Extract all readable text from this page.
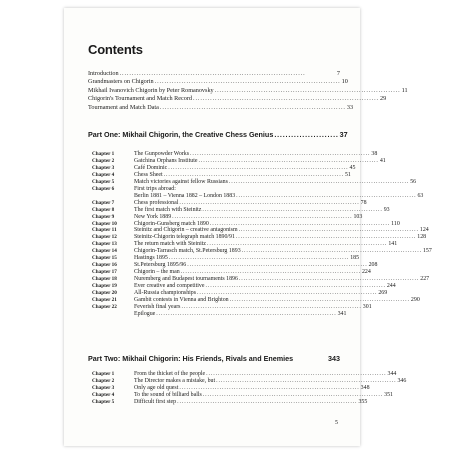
Contents
Introduction ............................................................................	7
Grandmasters on Chigorin ............................................................................ 10
Mikhail Ivanovich Chigorin by Peter Romanovsky ............................................................................ 11
Chigorin's Tournament and Match Record ............................................................................ 29
Tournament and Match Data ............................................................................ 33
Part One: Mikhail Chigorin, the Creative Chess Genius ....................... 37
Chapter 1	The Gunpowder Works ............................................................................ 38
Chapter 2	Gatchina Orphans Institute ............................................................................ 41
Chapter 3	Café Dominic ............................................................................ 45
Chapter 4	Chess Sheet ............................................................................ 51
Chapter 5	Match victories against fellow Russians ............................................................................ 56
Chapter 6	First trips abroad:
Berlin 1881 – Vienna 1882 – London 1883 ............................................................................ 63
Chapter 7	Chess professional ............................................................................ 78
Chapter 8	The first match with Steinitz ............................................................................ 93
Chapter 9	New York 1889 ............................................................................ 103
Chapter 10	Chigorin-Gunsberg match 1890 ............................................................................ 110
Chapter 11	Steinitz and Chigorin – creative antagonism ............................................................................ 124
Chapter 12	Steinitz-Chigorin telegraph match 1890/91 ............................................................................ 128
Chapter 13	The return match with Steinitz ............................................................................ 141
Chapter 14	Chigorin-Tarrasch match, St.Petersburg 1893 ............................................................................ 157
Chapter 15	Hastings 1895 ............................................................................ 185
Chapter 16	St.Petersburg 1895/96 ............................................................................ 208
Chapter 17	Chigorin – the man ............................................................................ 224
Chapter 18	Nuremberg and Budapest tournaments 1896 ............................................................................ 227
Chapter 19	Ever creative and competitive ............................................................................ 244
Chapter 20	All-Russia championships ............................................................................ 269
Chapter 21	Gambit contests in Vienna and Brighton ............................................................................ 290
Chapter 22	Feverish final years ............................................................................ 301
Epilogue ............................................................................ 341
Part Two: Mikhail Chigorin: His Friends, Rivals and Enemies	343
Chapter 1	From the thicket of the people ............................................................................ 344
Chapter 2	The Director makes a mistake, but ............................................................................ 346
Chapter 3	Only age old quest ............................................................................ 348
Chapter 4	To the sound of billiard balls ............................................................................ 351
Chapter 5	Difficult first step ............................................................................ 355
5
